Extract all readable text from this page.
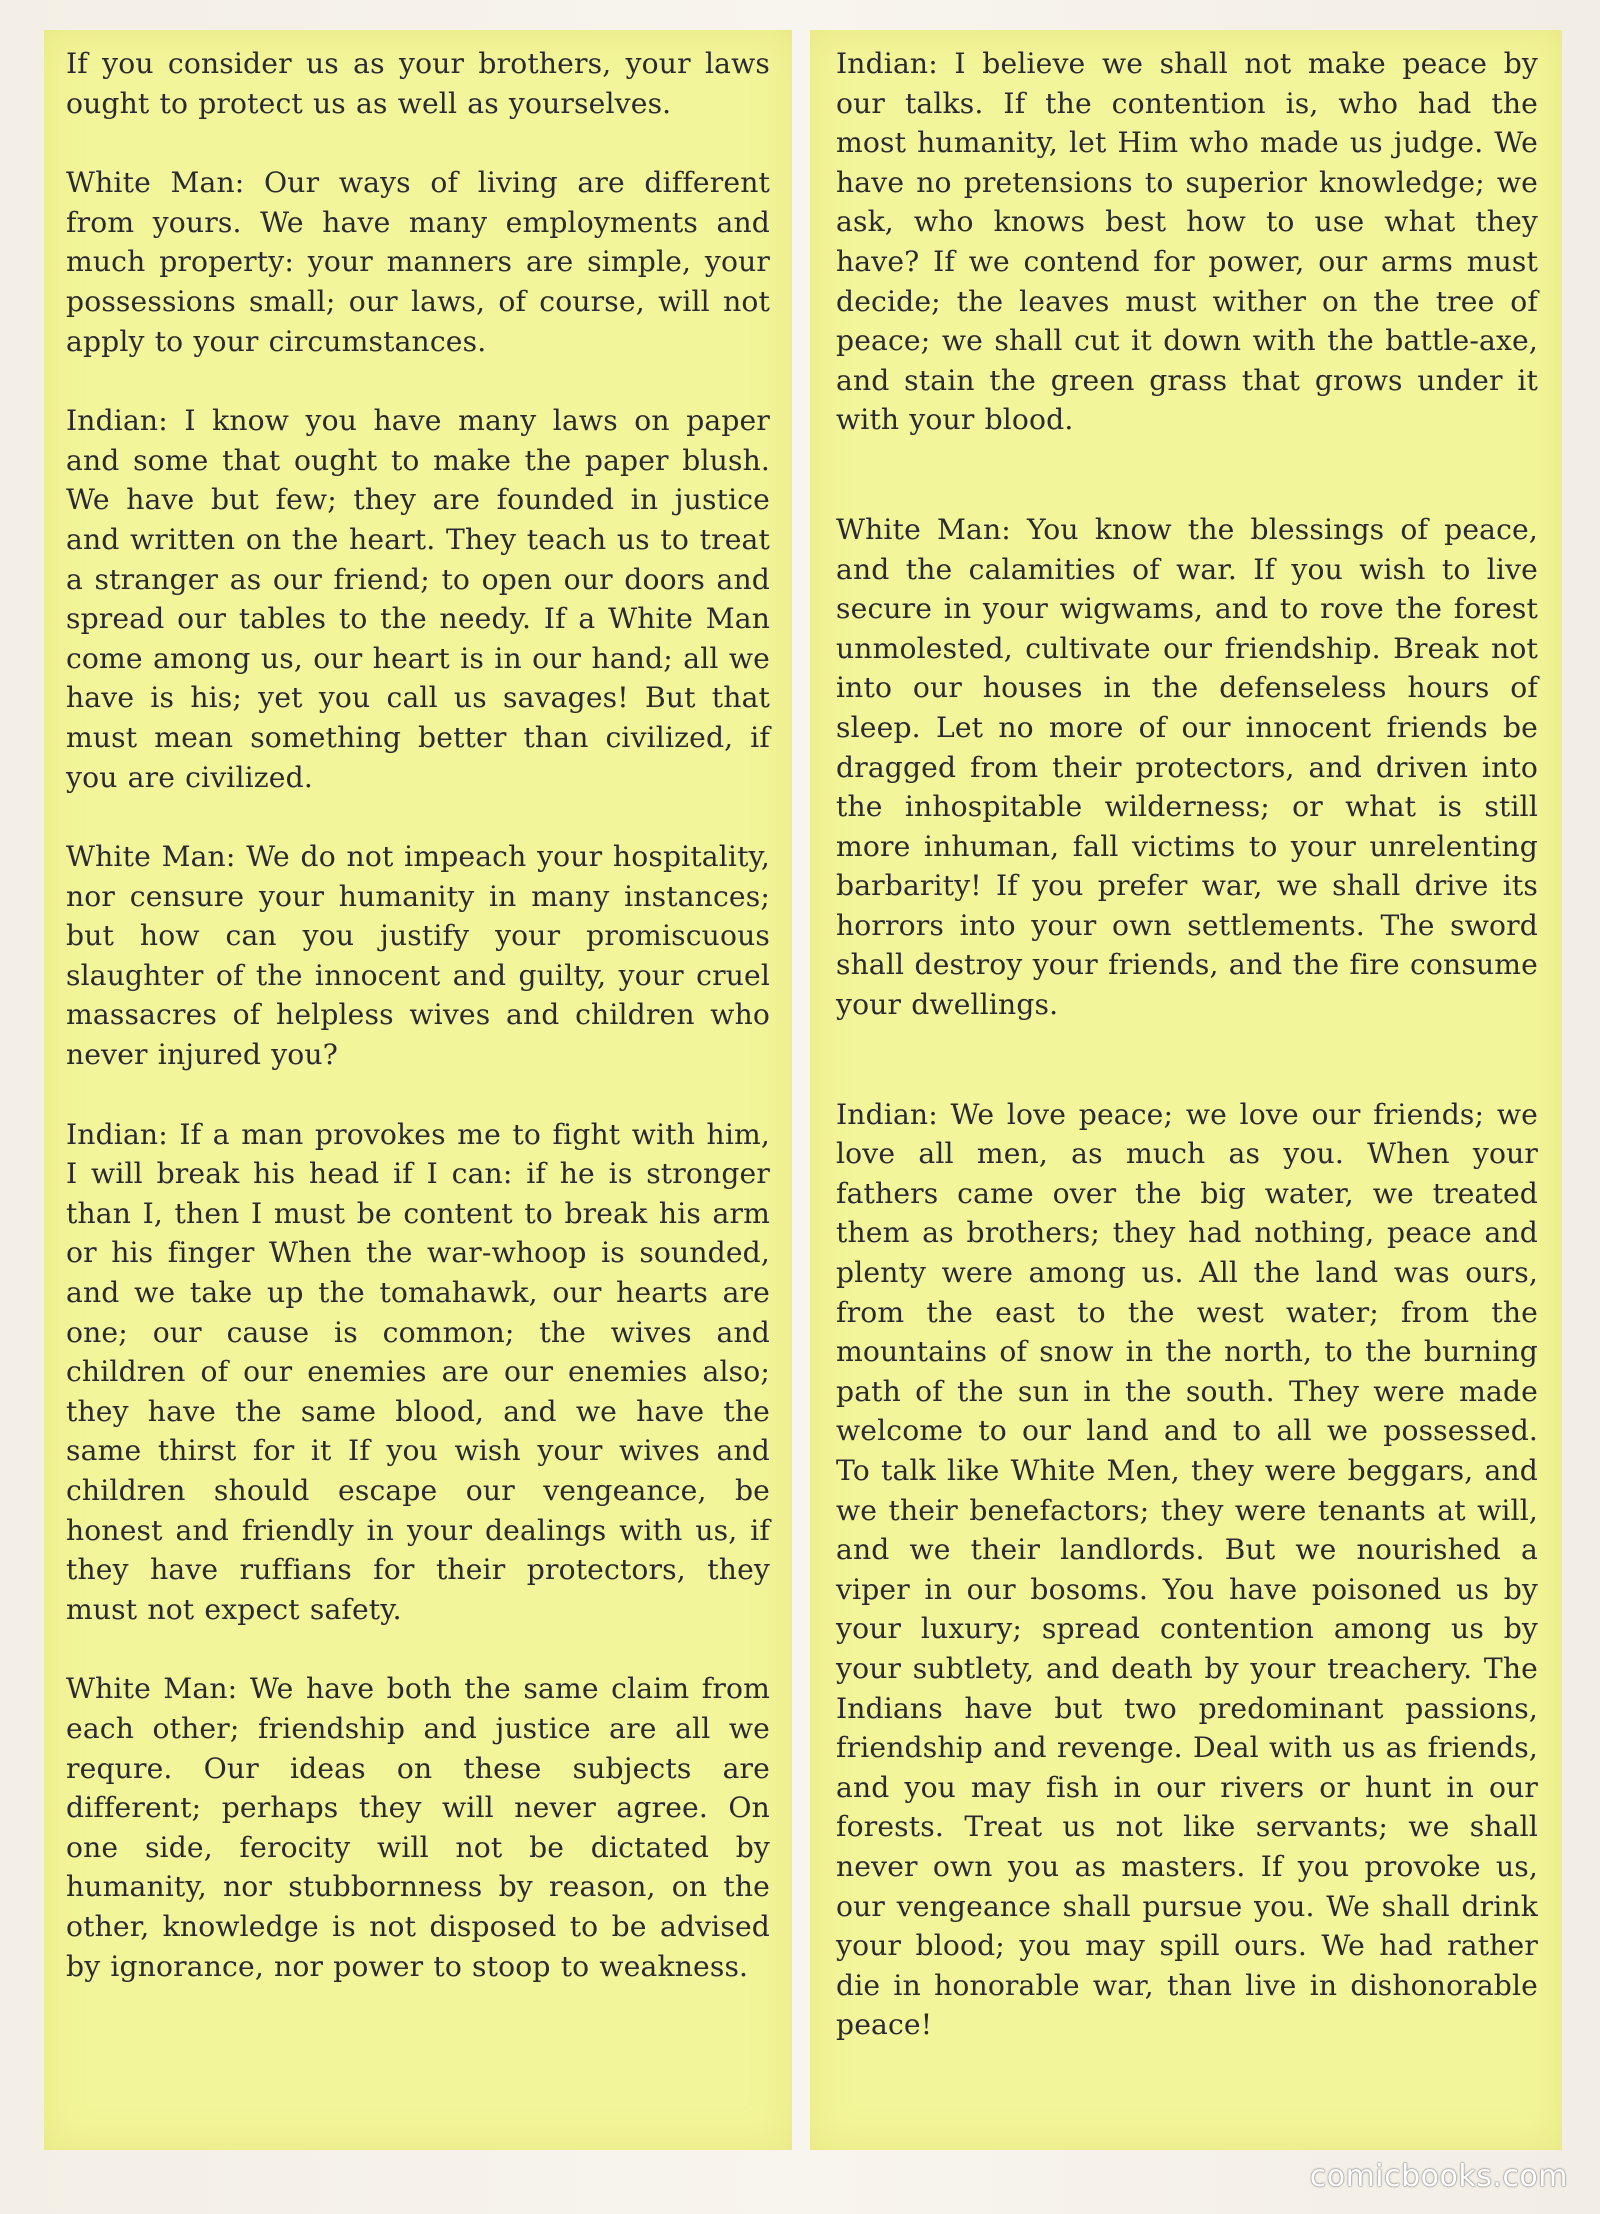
If you consider us as your brothers, your laws ought to protect us as well as yourselves.

White Man: Our ways of living are different from yours. We have many employments and much property: your manners are simple, your possessions small; our laws, of course, will not apply to your circumstances.

Indian: I know you have many laws on paper and some that ought to make the paper blush. We have but few; they are founded in justice and written on the heart. They teach us to treat a stranger as our friend; to open our doors and spread our tables to the needy. If a White Man come among us, our heart is in our hand; all we have is his; yet you call us savages! But that must mean something better than civilized, if you are civilized.

White Man: We do not impeach your hospitality, nor censure your humanity in many instances; but how can you justify your promiscuous slaughter of the innocent and guilty, your cruel massacres of helpless wives and children who never injured you?

Indian: If a man provokes me to fight with him, I will break his head if I can: if he is stronger than I, then I must be content to break his arm or his finger When the war-whoop is sounded, and we take up the tomahawk, our hearts are one; our cause is common; the wives and children of our enemies are our enemies also; they have the same blood, and we have the same thirst for it If you wish your wives and children should escape our vengeance, be honest and friendly in your dealings with us, if they have ruffians for their protectors, they must not expect safety.

White Man: We have both the same claim from each other; friendship and justice are all we requre. Our ideas on these subjects are different; perhaps they will never agree. On one side, ferocity will not be dictated by humanity, nor stubbornness by reason, on the other, knowledge is not disposed to be advised by ignorance, nor power to stoop to weakness.

Indian: I believe we shall not make peace by our talks. If the contention is, who had the most humanity, let Him who made us judge. We have no pretensions to superior knowledge; we ask, who knows best how to use what they have? If we contend for power, our arms must decide; the leaves must wither on the tree of peace; we shall cut it down with the battle-axe, and stain the green grass that grows under it with your blood.

White Man: You know the blessings of peace, and the calamities of war. If you wish to live secure in your wigwams, and to rove the forest unmolested, cultivate our friendship. Break not into our houses in the defenseless hours of sleep. Let no more of our innocent friends be dragged from their protectors, and driven into the inhospitable wilderness; or what is still more inhuman, fall victims to your unrelenting barbarity! If you prefer war, we shall drive its horrors into your own settlements. The sword shall destroy your friends, and the fire consume your dwellings.

Indian: We love peace; we love our friends; we love all men, as much as you. When your fathers came over the big water, we treated them as brothers; they had nothing, peace and plenty were among us. All the land was ours, from the east to the west water; from the mountains of snow in the north, to the burning path of the sun in the south. They were made welcome to our land and to all we possessed. To talk like White Men, they were beggars, and we their benefactors; they were tenants at will, and we their landlords. But we nourished a viper in our bosoms. You have poisoned us by your luxury; spread contention among us by your subtlety, and death by your treachery. The Indians have but two predominant passions, friendship and revenge. Deal with us as friends, and you may fish in our rivers or hunt in our forests. Treat us not like servants; we shall never own you as masters. If you provoke us, our vengeance shall pursue you. We shall drink your blood; you may spill ours. We had rather die in honorable war, than live in dishonorable peace!

comicbooks.com
